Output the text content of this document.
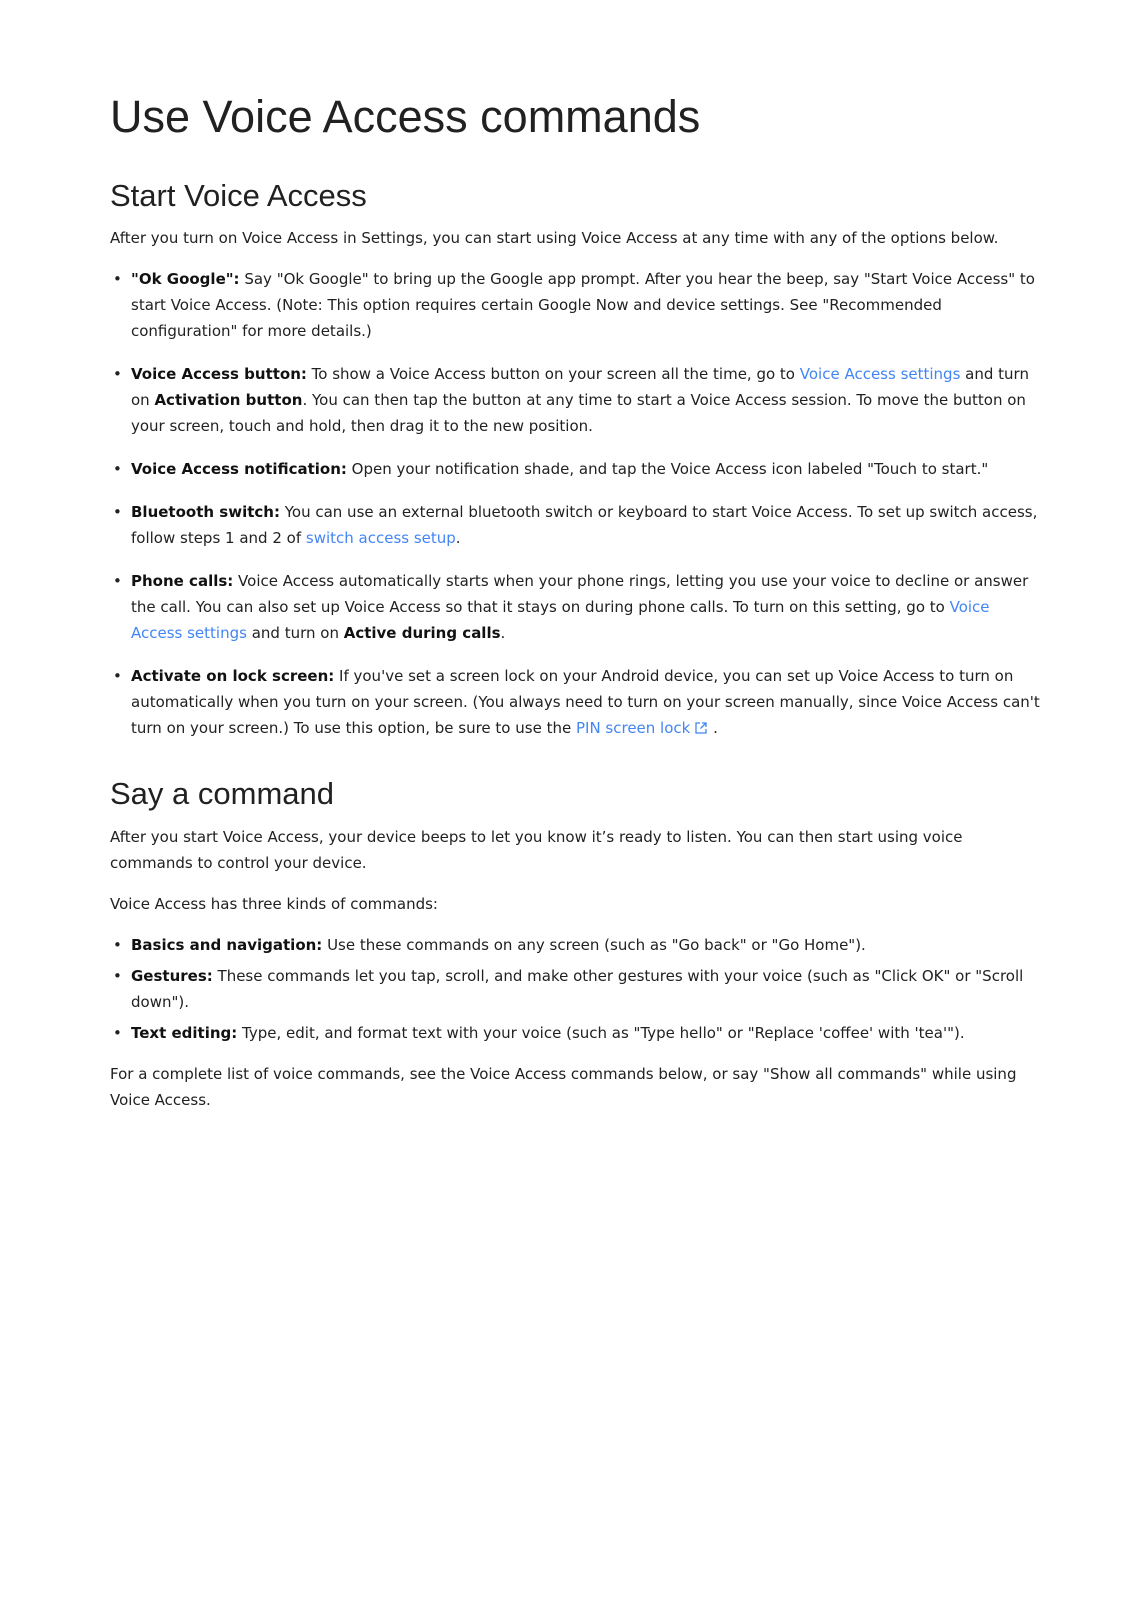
Use Voice Access commands
Start Voice Access

After you turn on Voice Access in Settings, you can start using Voice Access at any time with any of the options below.

• "Ok Google": Say "Ok Google" to bring up the Google app prompt. After you hear the beep, say "Start Voice Access" to start Voice Access. (Note: This option requires certain Google Now and device settings. See "Recommended configuration" for more details.)
• Voice Access button: To show a Voice Access button on your screen all the time, go to Voice Access settings and turn on Activation button. You can then tap the button at any time to start a Voice Access session. To move the button on your screen, touch and hold, then drag it to the new position.
• Voice Access notification: Open your notification shade, and tap the Voice Access icon labeled "Touch to start."
• Bluetooth switch: You can use an external bluetooth switch or keyboard to start Voice Access. To set up switch access, follow steps 1 and 2 of switch access setup.
• Phone calls: Voice Access automatically starts when your phone rings, letting you use your voice to decline or answer the call. You can also set up Voice Access so that it stays on during phone calls. To turn on this setting, go to Voice Access settings and turn on Active during calls.
• Activate on lock screen: If you've set a screen lock on your Android device, you can set up Voice Access to turn on automatically when you turn on your screen. (You always need to turn on your screen manually, since Voice Access can't turn on your screen.) To use this option, be sure to use the PIN screen lock .
Say a command

After you start Voice Access, your device beeps to let you know it’s ready to listen. You can then start using voice commands to control your device.

Voice Access has three kinds of commands:

• Basics and navigation: Use these commands on any screen (such as "Go back" or "Go Home").
• Gestures: These commands let you tap, scroll, and make other gestures with your voice (such as "Click OK" or "Scroll down").
• Text editing: Type, edit, and format text with your voice (such as "Type hello" or "Replace 'coffee' with 'tea'").

For a complete list of voice commands, see the Voice Access commands below, or say "Show all commands" while using Voice Access.
